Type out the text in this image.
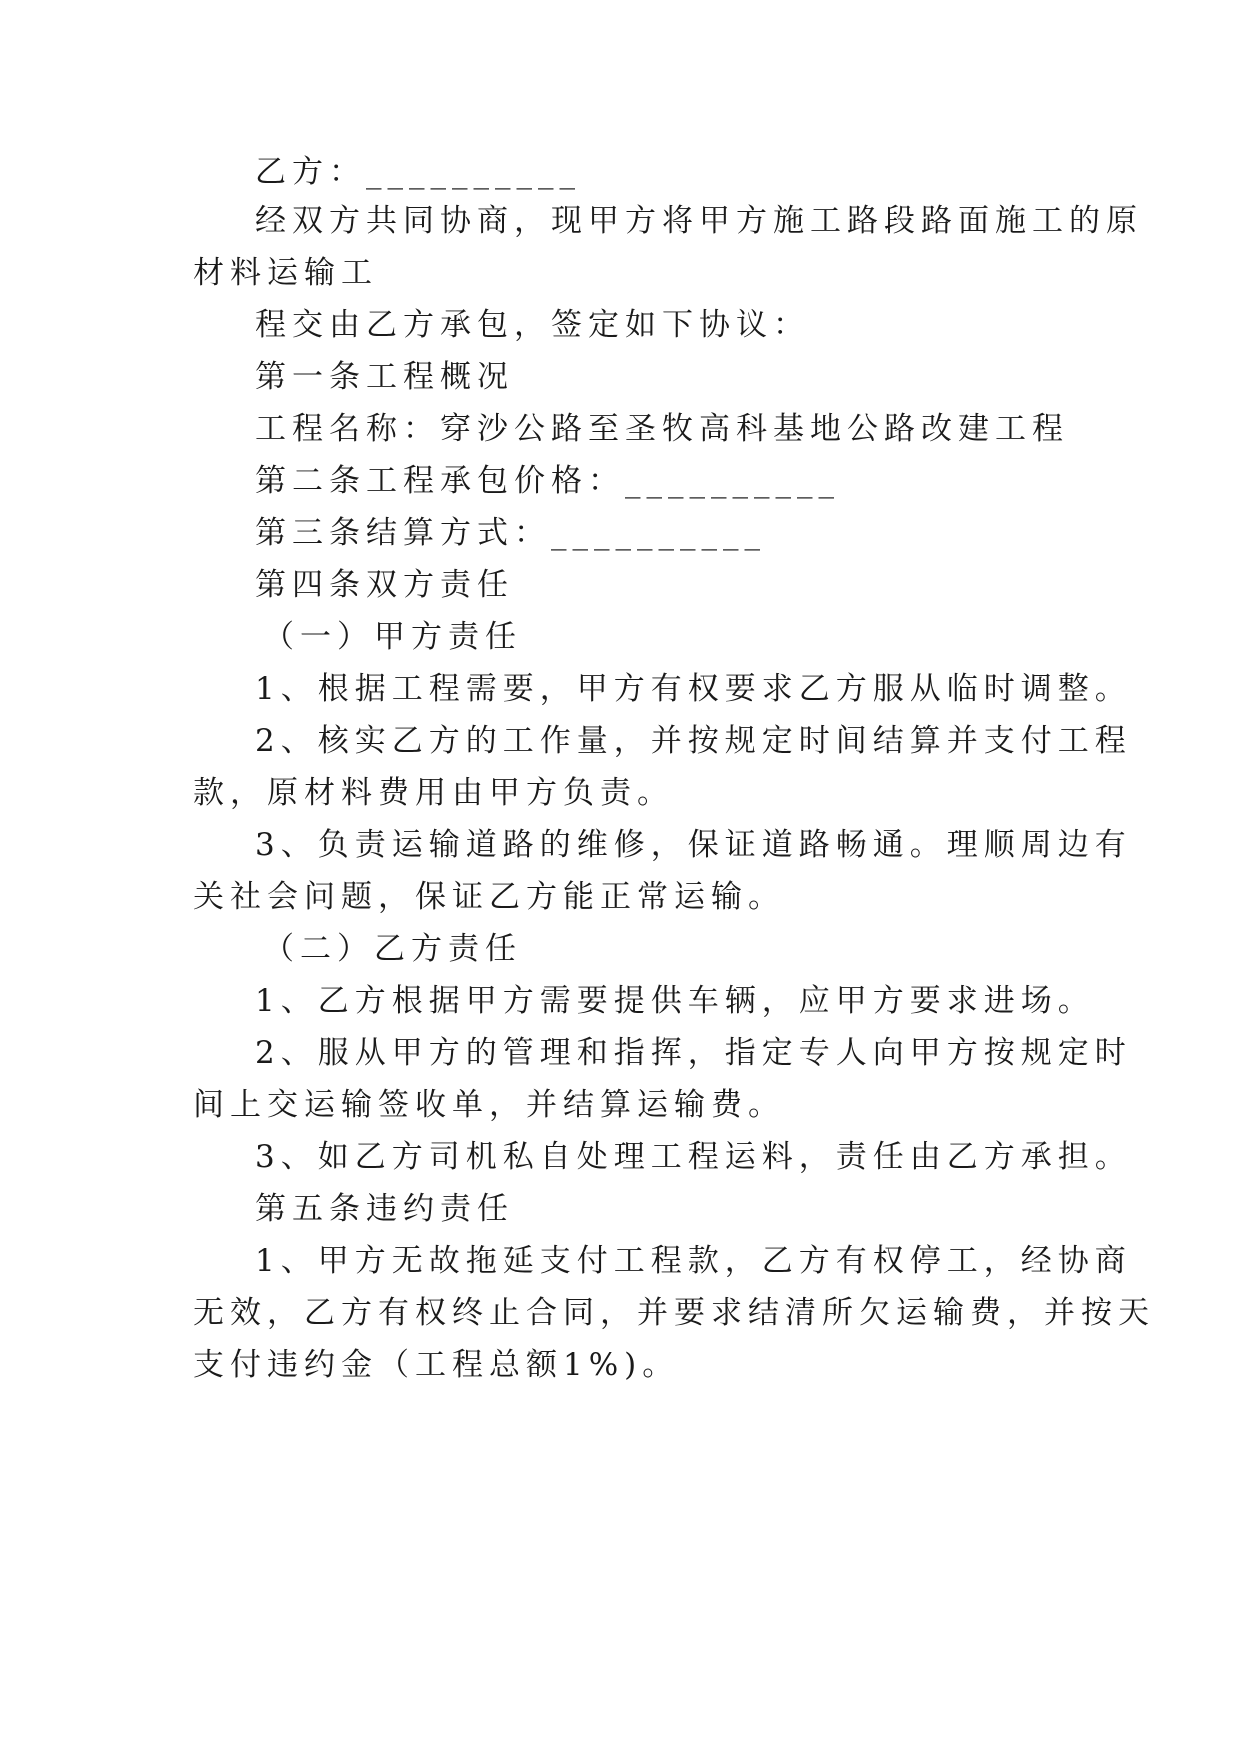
乙方：__________
经双方共同协商，现甲方将甲方施工路段路面施工的原
材料运输工
程交由乙方承包，签定如下协议：
第一条工程概况
工程名称：穿沙公路至圣牧高科基地公路改建工程
第二条工程承包价格：__________
第三条结算方式：__________
第四条双方责任
（一）甲方责任
1、根据工程需要，甲方有权要求乙方服从临时调整。
2、核实乙方的工作量，并按规定时间结算并支付工程
款，原材料费用由甲方负责。
3、负责运输道路的维修，保证道路畅通。理顺周边有
关社会问题，保证乙方能正常运输。
（二）乙方责任
1、乙方根据甲方需要提供车辆，应甲方要求进场。
2、服从甲方的管理和指挥，指定专人向甲方按规定时
间上交运输签收单，并结算运输费。
3、如乙方司机私自处理工程运料，责任由乙方承担。
第五条违约责任
1、甲方无故拖延支付工程款，乙方有权停工，经协商
无效，乙方有权终止合同，并要求结清所欠运输费，并按天
支付违约金（工程总额1%)。
